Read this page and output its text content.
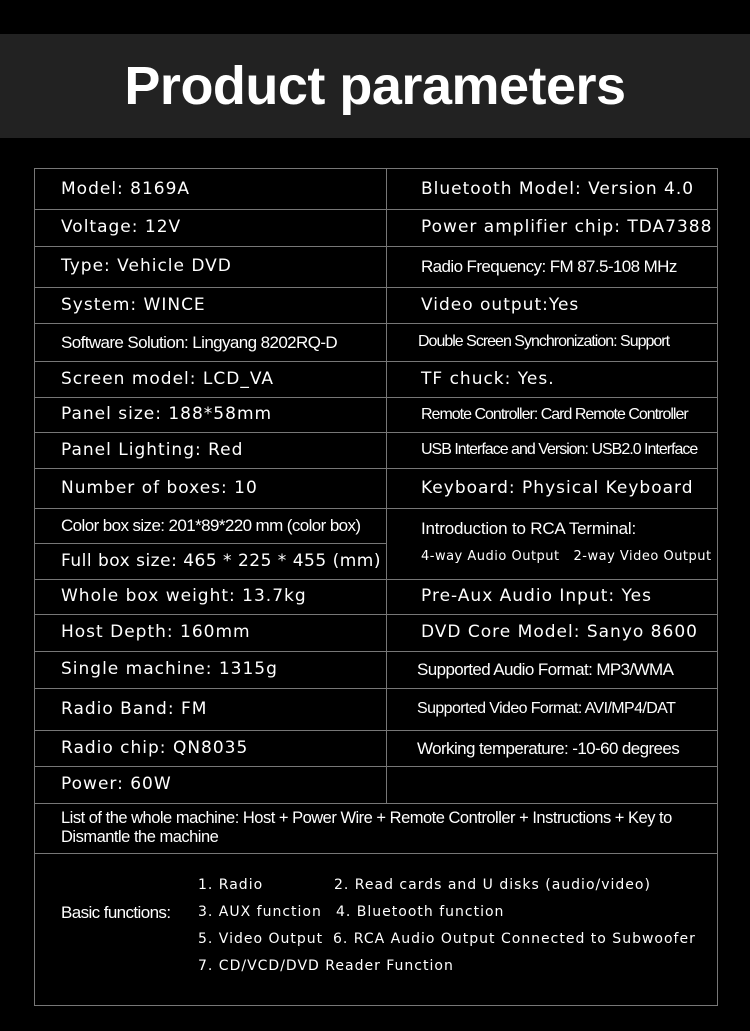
Product parameters
Model: 8169A
Voltage: 12V
Type: Vehicle DVD
System: WINCE
Software Solution: Lingyang 8202RQ-D
Screen model: LCD_VA
Panel size: 188*58mm
Panel Lighting: Red
Number of boxes: 10
Color box size: 201*89*220 mm (color box)
Full box size: 465 * 225 * 455 (mm)
Whole box weight: 13.7kg
Host Depth: 160mm
Single machine: 1315g
Radio Band: FM
Radio chip: QN8035
Power: 60W
Bluetooth Model: Version 4.0
Power amplifier chip: TDA7388
Radio Frequency: FM 87.5-108 MHz
Video output:Yes
Double Screen Synchronization: Support
TF chuck: Yes.
Remote Controller: Card Remote Controller
USB Interface and Version: USB2.0 Interface
Keyboard: Physical Keyboard
Introduction to RCA Terminal:
4-way Audio Output   2-way Video Output
Pre-Aux Audio Input: Yes
DVD Core Model: Sanyo 8600
Supported Audio Format: MP3/WMA
Supported Video Format: AVI/MP4/DAT
Working temperature: -10-60 degrees
List of the whole machine: Host + Power Wire + Remote Controller + Instructions + Key to Dismantle the machine
Basic functions:
1. Radio	2. Read cards and U disks (audio/video)
3. AUX function 4. Bluetooth function
5. Video Output 6. RCA Audio Output Connected to Subwoofer
7. CD/VCD/DVD Reader Function
